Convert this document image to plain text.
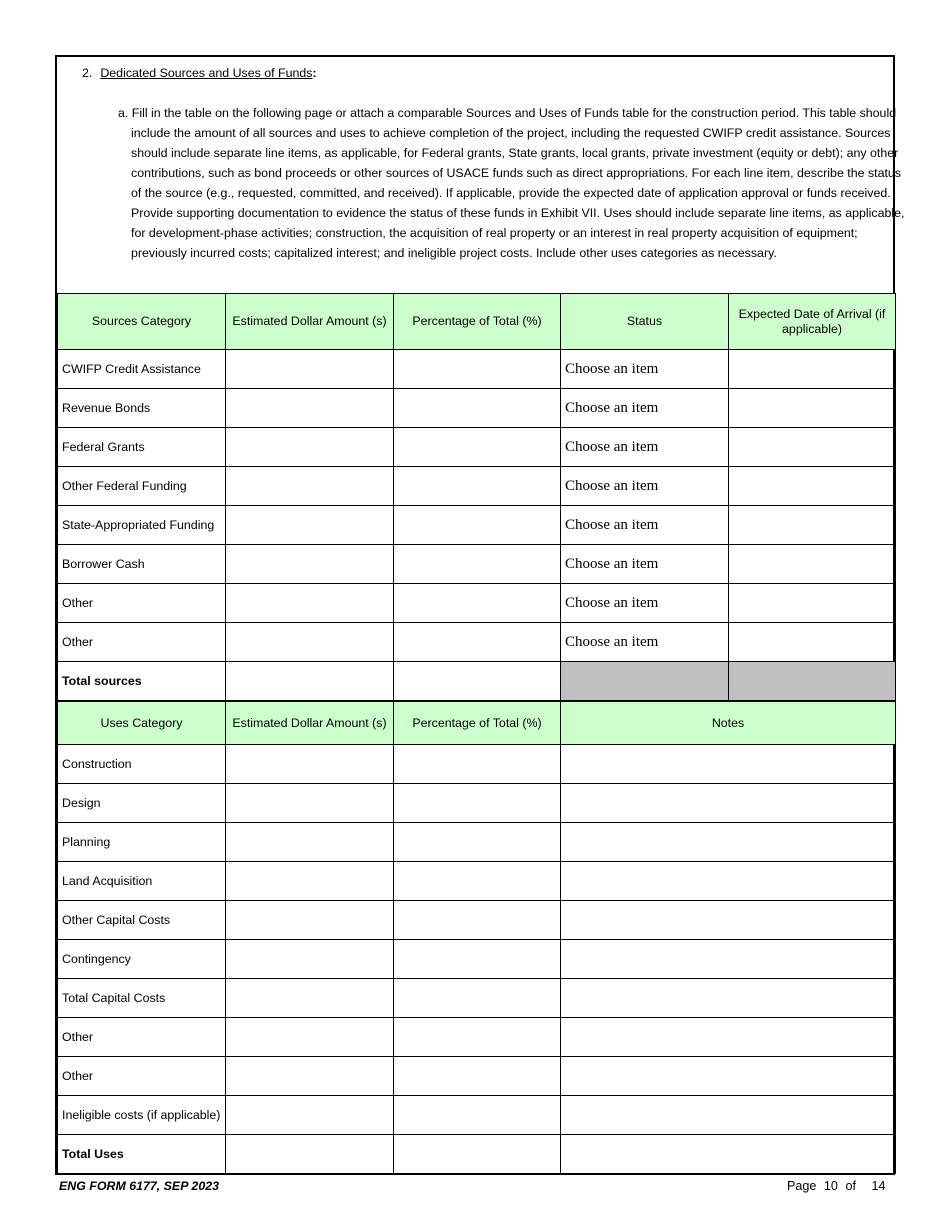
2. Dedicated Sources and Uses of Funds:
a. Fill in the table on the following page or attach a comparable Sources and Uses of Funds table for the construction period. This table should include the amount of all sources and uses to achieve completion of the project, including the requested CWIFP credit assistance. Sources should include separate line items, as applicable, for Federal grants, State grants, local grants, private investment (equity or debt); any other contributions, such as bond proceeds or other sources of USACE funds such as direct appropriations. For each line item, describe the status of the source (e.g., requested, committed, and received). If applicable, provide the expected date of application approval or funds received. Provide supporting documentation to evidence the status of these funds in Exhibit VII. Uses should include separate line items, as applicable, for development-phase activities; construction, the acquisition of real property or an interest in real property acquisition of equipment; previously incurred costs; capitalized interest; and ineligible project costs. Include other uses categories as necessary.
Sources Category	Estimated Dollar Amount (s)	Percentage of Total (%)	Status	Expected Date of Arrival (if applicable)
CWIFP Credit Assistance			Choose an item	
Revenue Bonds			Choose an item	
Federal Grants			Choose an item	
Other Federal Funding			Choose an item	
State-Appropriated Funding			Choose an item	
Borrower Cash			Choose an item	
Other			Choose an item	
Other			Choose an item	
Total sources				
Uses Category	Estimated Dollar Amount (s)	Percentage of Total (%)	Notes
Construction			
Design			
Planning			
Land Acquisition			
Other Capital Costs			
Contingency			
Total Capital Costs			
Other			
Other			
Ineligible costs (if applicable)			
Total Uses			
ENG FORM 6177, SEP 2023	Page 10 of 14
